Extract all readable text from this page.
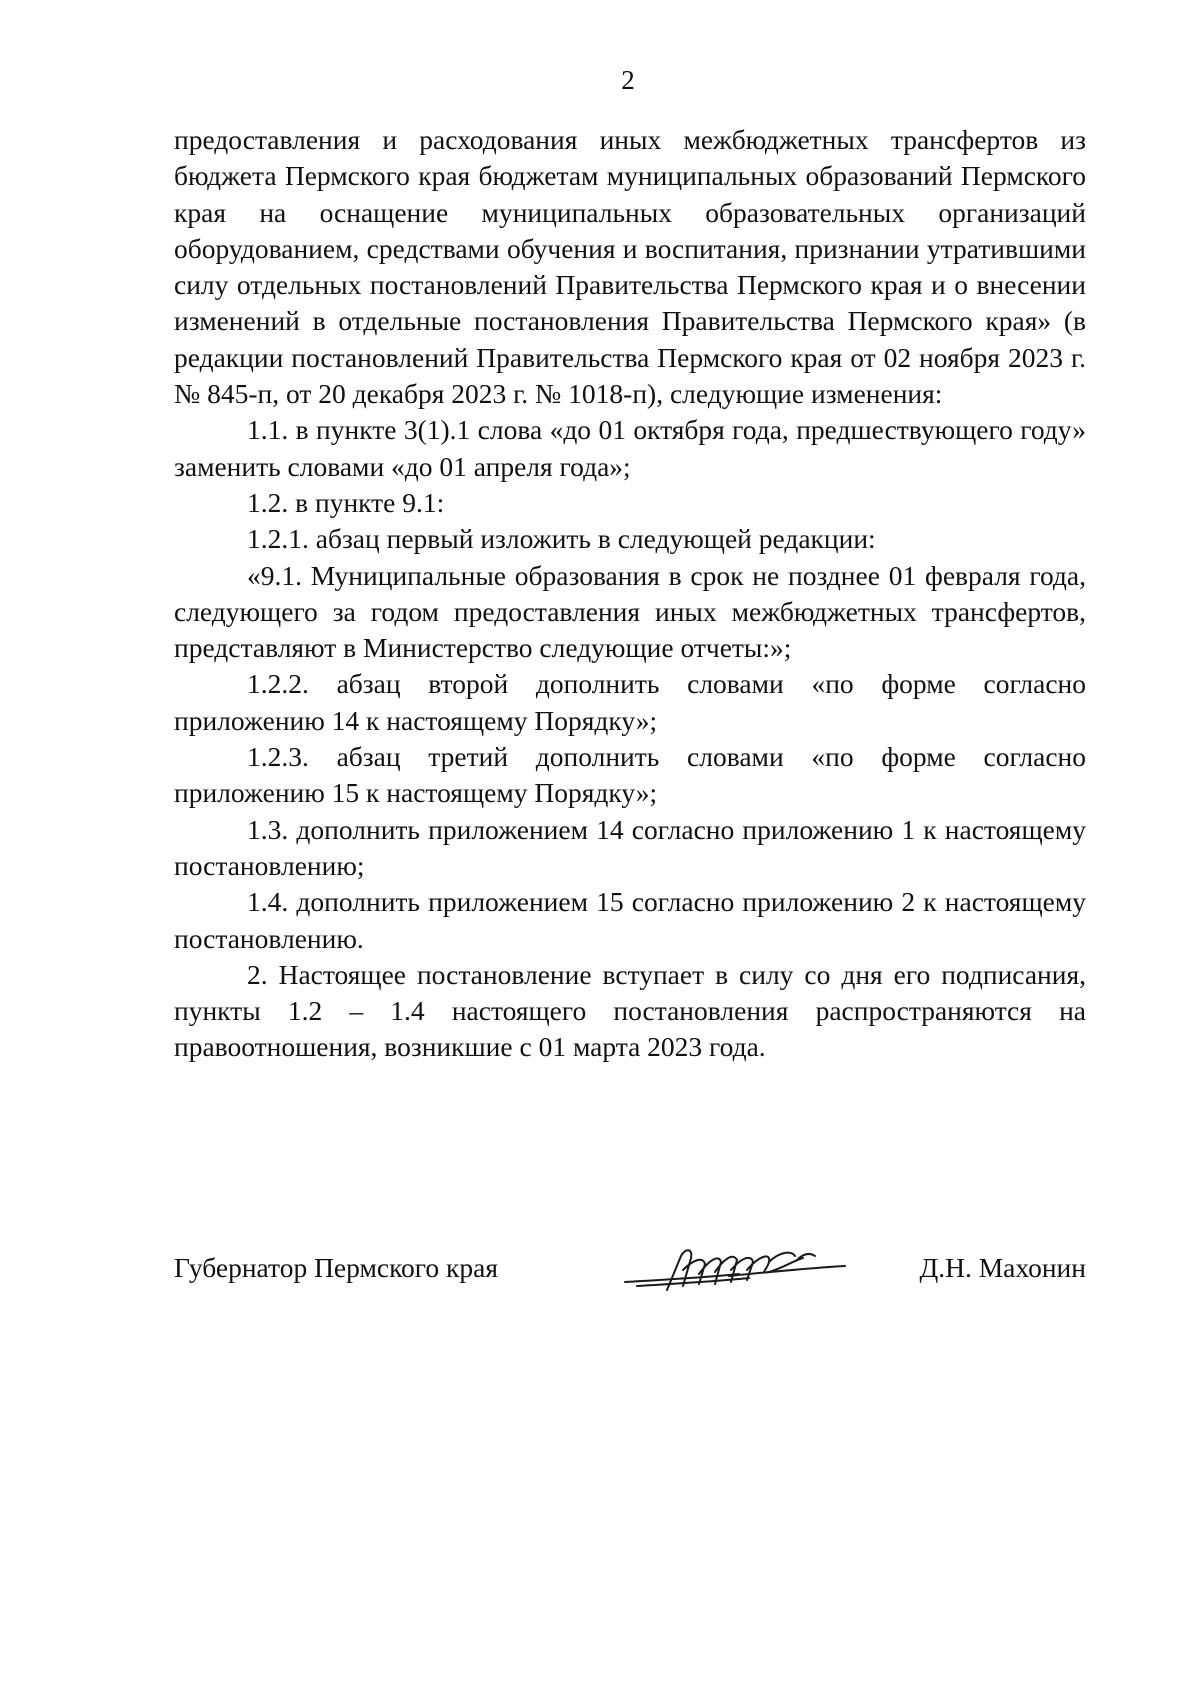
2

предоставления и расходования иных межбюджетных трансфертов из бюджета Пермского края бюджетам муниципальных образований Пермского края на оснащение муниципальных образовательных организаций оборудованием, средствами обучения и воспитания, признании утратившими силу отдельных постановлений Правительства Пермского края и о внесении изменений в отдельные постановления Правительства Пермского края» (в редакции постановлений Правительства Пермского края от 02 ноября 2023 г. № 845-п, от 20 декабря 2023 г. № 1018-п), следующие изменения:

1.1. в пункте 3(1).1 слова «до 01 октября года, предшествующего году» заменить словами «до 01 апреля года»;

1.2. в пункте 9.1:

1.2.1. абзац первый изложить в следующей редакции:

«9.1. Муниципальные образования в срок не позднее 01 февраля года, следующего за годом предоставления иных межбюджетных трансфертов, представляют в Министерство следующие отчеты:»;

1.2.2. абзац второй дополнить словами «по форме согласно приложению 14 к настоящему Порядку»;

1.2.3. абзац третий дополнить словами «по форме согласно приложению 15 к настоящему Порядку»;

1.3. дополнить приложением 14 согласно приложению 1 к настоящему постановлению;

1.4. дополнить приложением 15 согласно приложению 2 к настоящему постановлению.

2. Настоящее постановление вступает в силу со дня его подписания, пункты 1.2 – 1.4 настоящего постановления распространяются на правоотношения, возникшие с 01 марта 2023 года.

Губернатор Пермского края	Д.Н. Махонин
